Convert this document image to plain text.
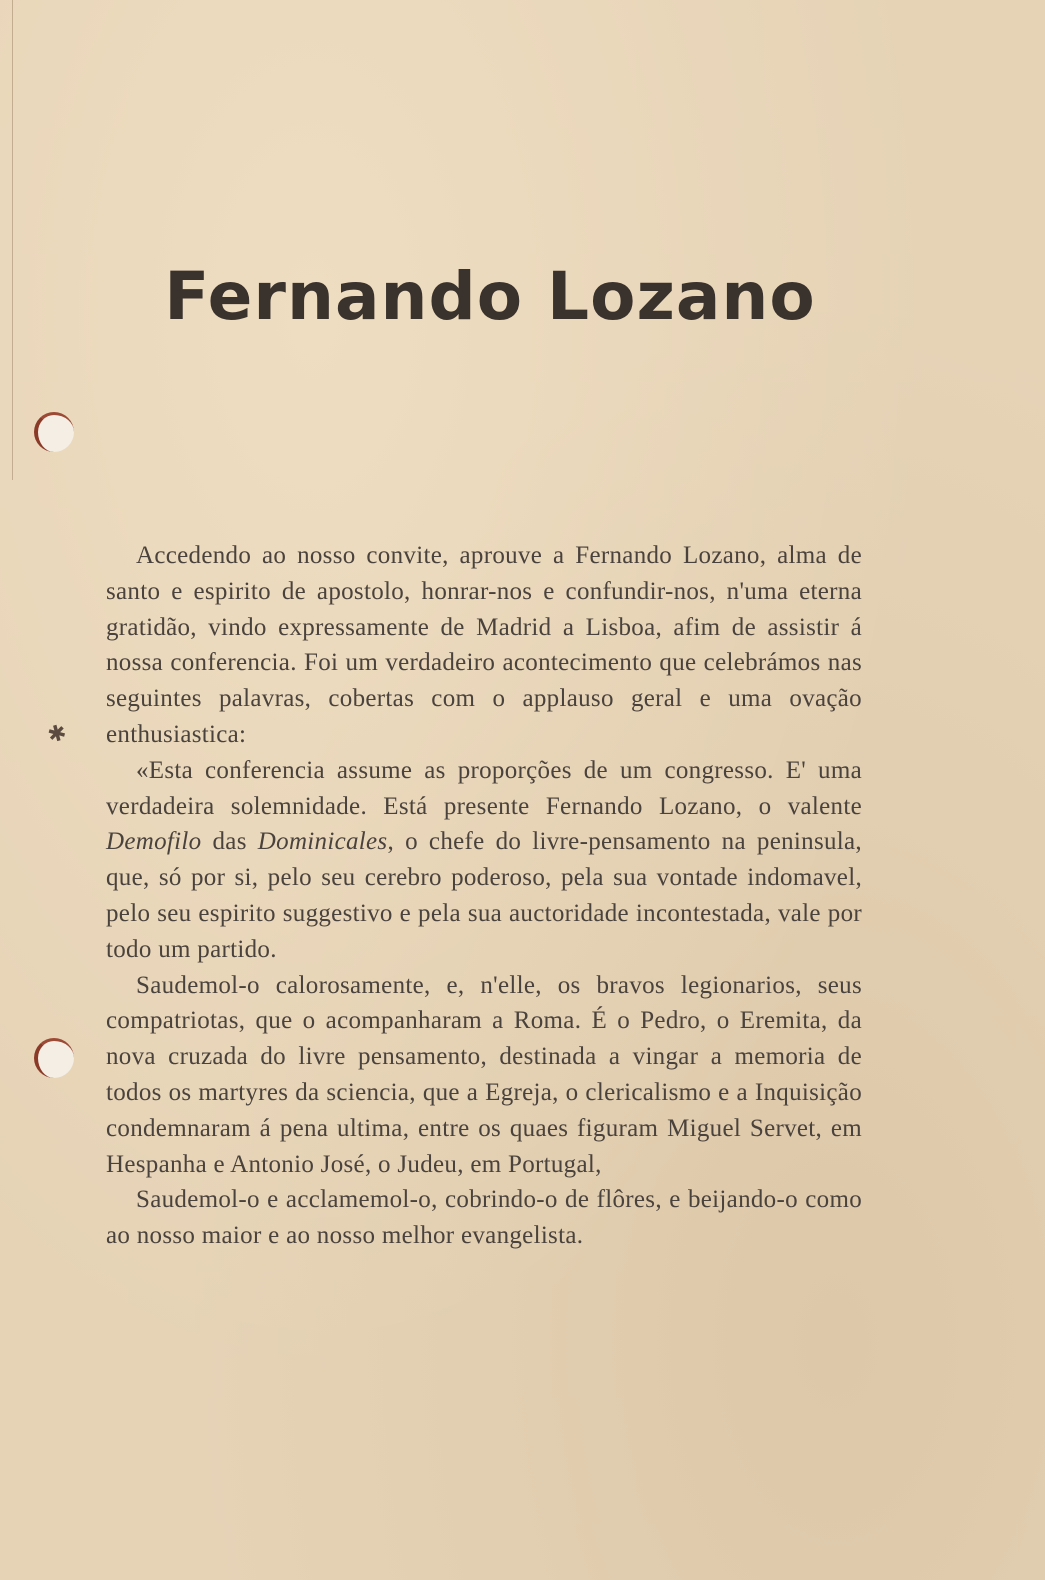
✱
Fernando Lozano

Accedendo ao nosso convite, aprouve a Fernando Lozano, alma de santo e espirito de apostolo, honrar-nos e confundir-nos, n'uma eterna gratidão, vindo expressamente de Madrid a Lisboa, afim de assistir á nossa conferencia. Foi um verdadeiro acontecimento que celebrámos nas seguintes palavras, cobertas com o applauso geral e uma ovação enthusiastica:

«Esta conferencia assume as proporções de um congresso. E' uma verdadeira solemnidade. Está presente Fernando Lozano, o valente Demofilo das Dominicales, o chefe do livre-pensamento na peninsula, que, só por si, pelo seu cerebro poderoso, pela sua vontade indomavel, pelo seu espirito suggestivo e pela sua auctoridade incontestada, vale por todo um partido.

Saudemol-o calorosamente, e, n'elle, os bravos legionarios, seus compatriotas, que o acompanharam a Roma. É o Pedro, o Eremita, da nova cruzada do livre pensamento, destinada a vingar a memoria de todos os martyres da sciencia, que a Egreja, o clericalismo e a Inquisição condemnaram á pena ultima, entre os quaes figuram Miguel Servet, em Hespanha e Antonio José, o Judeu, em Portugal,

Saudemol-o e acclamemol-o, cobrindo-o de flôres, e beijando-o como ao nosso maior e ao nosso melhor evangelista.
